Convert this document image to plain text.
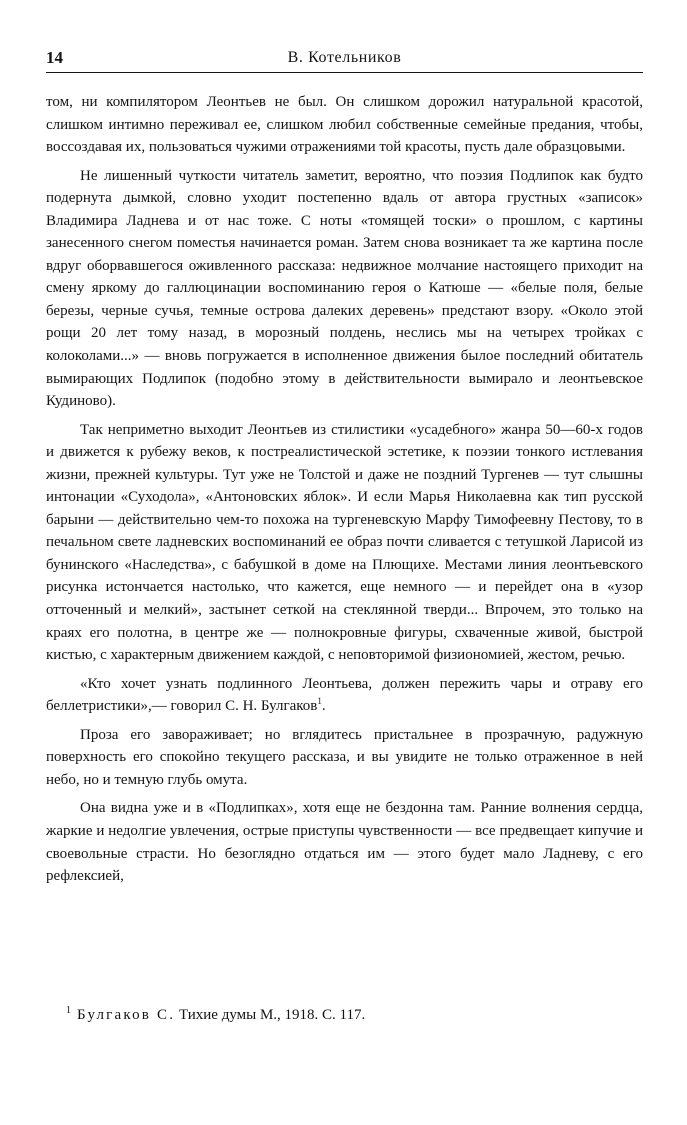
14	В. Котельников

том, ни компилятором Леонтьев не был. Он слишком дорожил натуральной красотой, слишком интимно переживал ее, слишком любил собственные семейные предания, чтобы, воссоздавая их, пользоваться чужими отражениями той красоты, пусть дале образцовыми.

Не лишенный чуткости читатель заметит, вероятно, что поэзия Подлипок как будто подернута дымкой, словно уходит постепенно вдаль от автора грустных «записок» Владимира Ладнева и от нас тоже. С ноты «томящей тоски» о прошлом, с картины занесенного снегом поместья начинается роман. Затем снова возникает та же картина после вдруг оборвавшегося оживленного рассказа: недвижное молчание настоящего приходит на смену яркому до галлюцинации воспоминанию героя о Катюше — «белые поля, белые березы, черные сучья, темные острова далеких деревень» предстают взору. «Около этой рощи 20 лет тому назад, в морозный полдень, неслись мы на четырех тройках с колоколами...» — вновь погружается в исполненное движения былое последний обитатель вымирающих Подлипок (подобно этому в действительности вымирало и леонтьевское Кудиново).

Так неприметно выходит Леонтьев из стилистики «усадебного» жанра 50—60-х годов и движется к рубежу веков, к постреалистической эстетике, к поэзии тонкого истлевания жизни, прежней культуры. Тут уже не Толстой и даже не поздний Тургенев — тут слышны интонации «Суходола», «Антоновских яблок». И если Марья Николаевна как тип русской барыни — действительно чем-то похожа на тургеневскую Марфу Тимофеевну Пестову, то в печальном свете ладневских воспоминаний ее образ почти сливается с тетушкой Ларисой из бунинского «Наследства», с бабушкой в доме на Плющихе. Местами линия леонтьевского рисунка истончается настолько, что кажется, еще немного — и перейдет она в «узор отточенный и мелкий», застынет сеткой на стеклянной тверди... Впрочем, это только на краях его полотна, в центре же — полнокровные фигуры, схваченные живой, быстрой кистью, с характерным движением каждой, с неповторимой физиономией, жестом, речью.

«Кто хочет узнать подлинного Леонтьева, должен пережить чары и отраву его беллетристики»,— говорил С. Н. Булгаков$^1$.

Проза его завораживает; но вглядитесь пристальнее в прозрачную, радужную поверхность его спокойно текущего рассказа, и вы увидите не только отраженное в ней небо, но и темную глубь омута.

Она видна уже и в «Подлипках», хотя еще не бездонна там. Ранние волнения сердца, жаркие и недолгие увлечения, острые приступы чувственности — все предвещает кипучие и своевольные страсти. Но безоглядно отдаться им — этого будет мало Ладневу, с его рефлексией,

$^1$ Булгаков С. Тихие думы М., 1918. С. 117.
